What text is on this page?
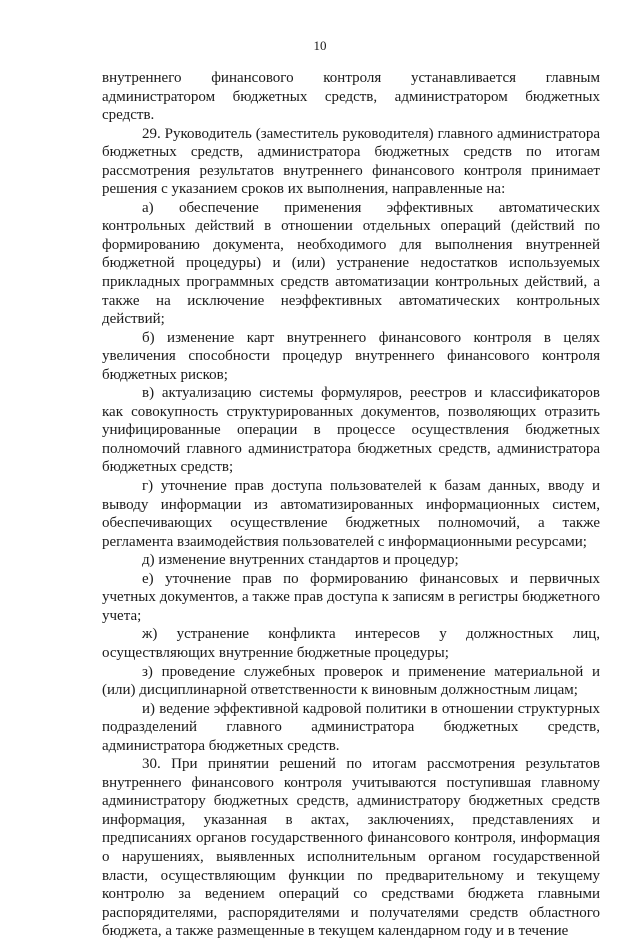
10

внутреннего финансового контроля устанавливается главным администратором бюджетных средств, администратором бюджетных средств.

29. Руководитель (заместитель руководителя) главного администратора бюджетных средств, администратора бюджетных средств по итогам рассмотрения результатов внутреннего финансового контроля принимает решения с указанием сроков их выполнения, направленные на:

а) обеспечение применения эффективных автоматических контрольных действий в отношении отдельных операций (действий по формированию документа, необходимого для выполнения внутренней бюджетной процедуры) и (или) устранение недостатков используемых прикладных программных средств автоматизации контрольных действий, а также на исключение неэффективных автоматических контрольных действий;

б) изменение карт внутреннего финансового контроля в целях увеличения способности процедур внутреннего финансового контроля бюджетных рисков;

в) актуализацию системы формуляров, реестров и классификаторов как совокупность структурированных документов, позволяющих отразить унифицированные операции в процессе осуществления бюджетных полномочий главного администратора бюджетных средств, администратора бюджетных средств;

г) уточнение прав доступа пользователей к базам данных, вводу и выводу информации из автоматизированных информационных систем, обеспечивающих осуществление бюджетных полномочий, а также регламента взаимодействия пользователей с информационными ресурсами;

д) изменение внутренних стандартов и процедур;

е) уточнение прав по формированию финансовых и первичных учетных документов, а также прав доступа к записям в регистры бюджетного учета;

ж) устранение конфликта интересов у должностных лиц, осуществляющих внутренние бюджетные процедуры;

з) проведение служебных проверок и применение материальной и (или) дисциплинарной ответственности к виновным должностным лицам;

и) ведение эффективной кадровой политики в отношении структурных подразделений главного администратора бюджетных средств, администратора бюджетных средств.

30. При принятии решений по итогам рассмотрения результатов внутреннего финансового контроля учитываются поступившая главному администратору бюджетных средств, администратору бюджетных средств информация, указанная в актах, заключениях, представлениях и предписаниях органов государственного финансового контроля, информация о нарушениях, выявленных исполнительным органом государственной власти, осуществляющим функции по предварительному и текущему контролю за ведением операций со средствами бюджета главными распорядителями, распорядителями и получателями средств областного бюджета, а также размещенные в текущем календарном году и в течение
